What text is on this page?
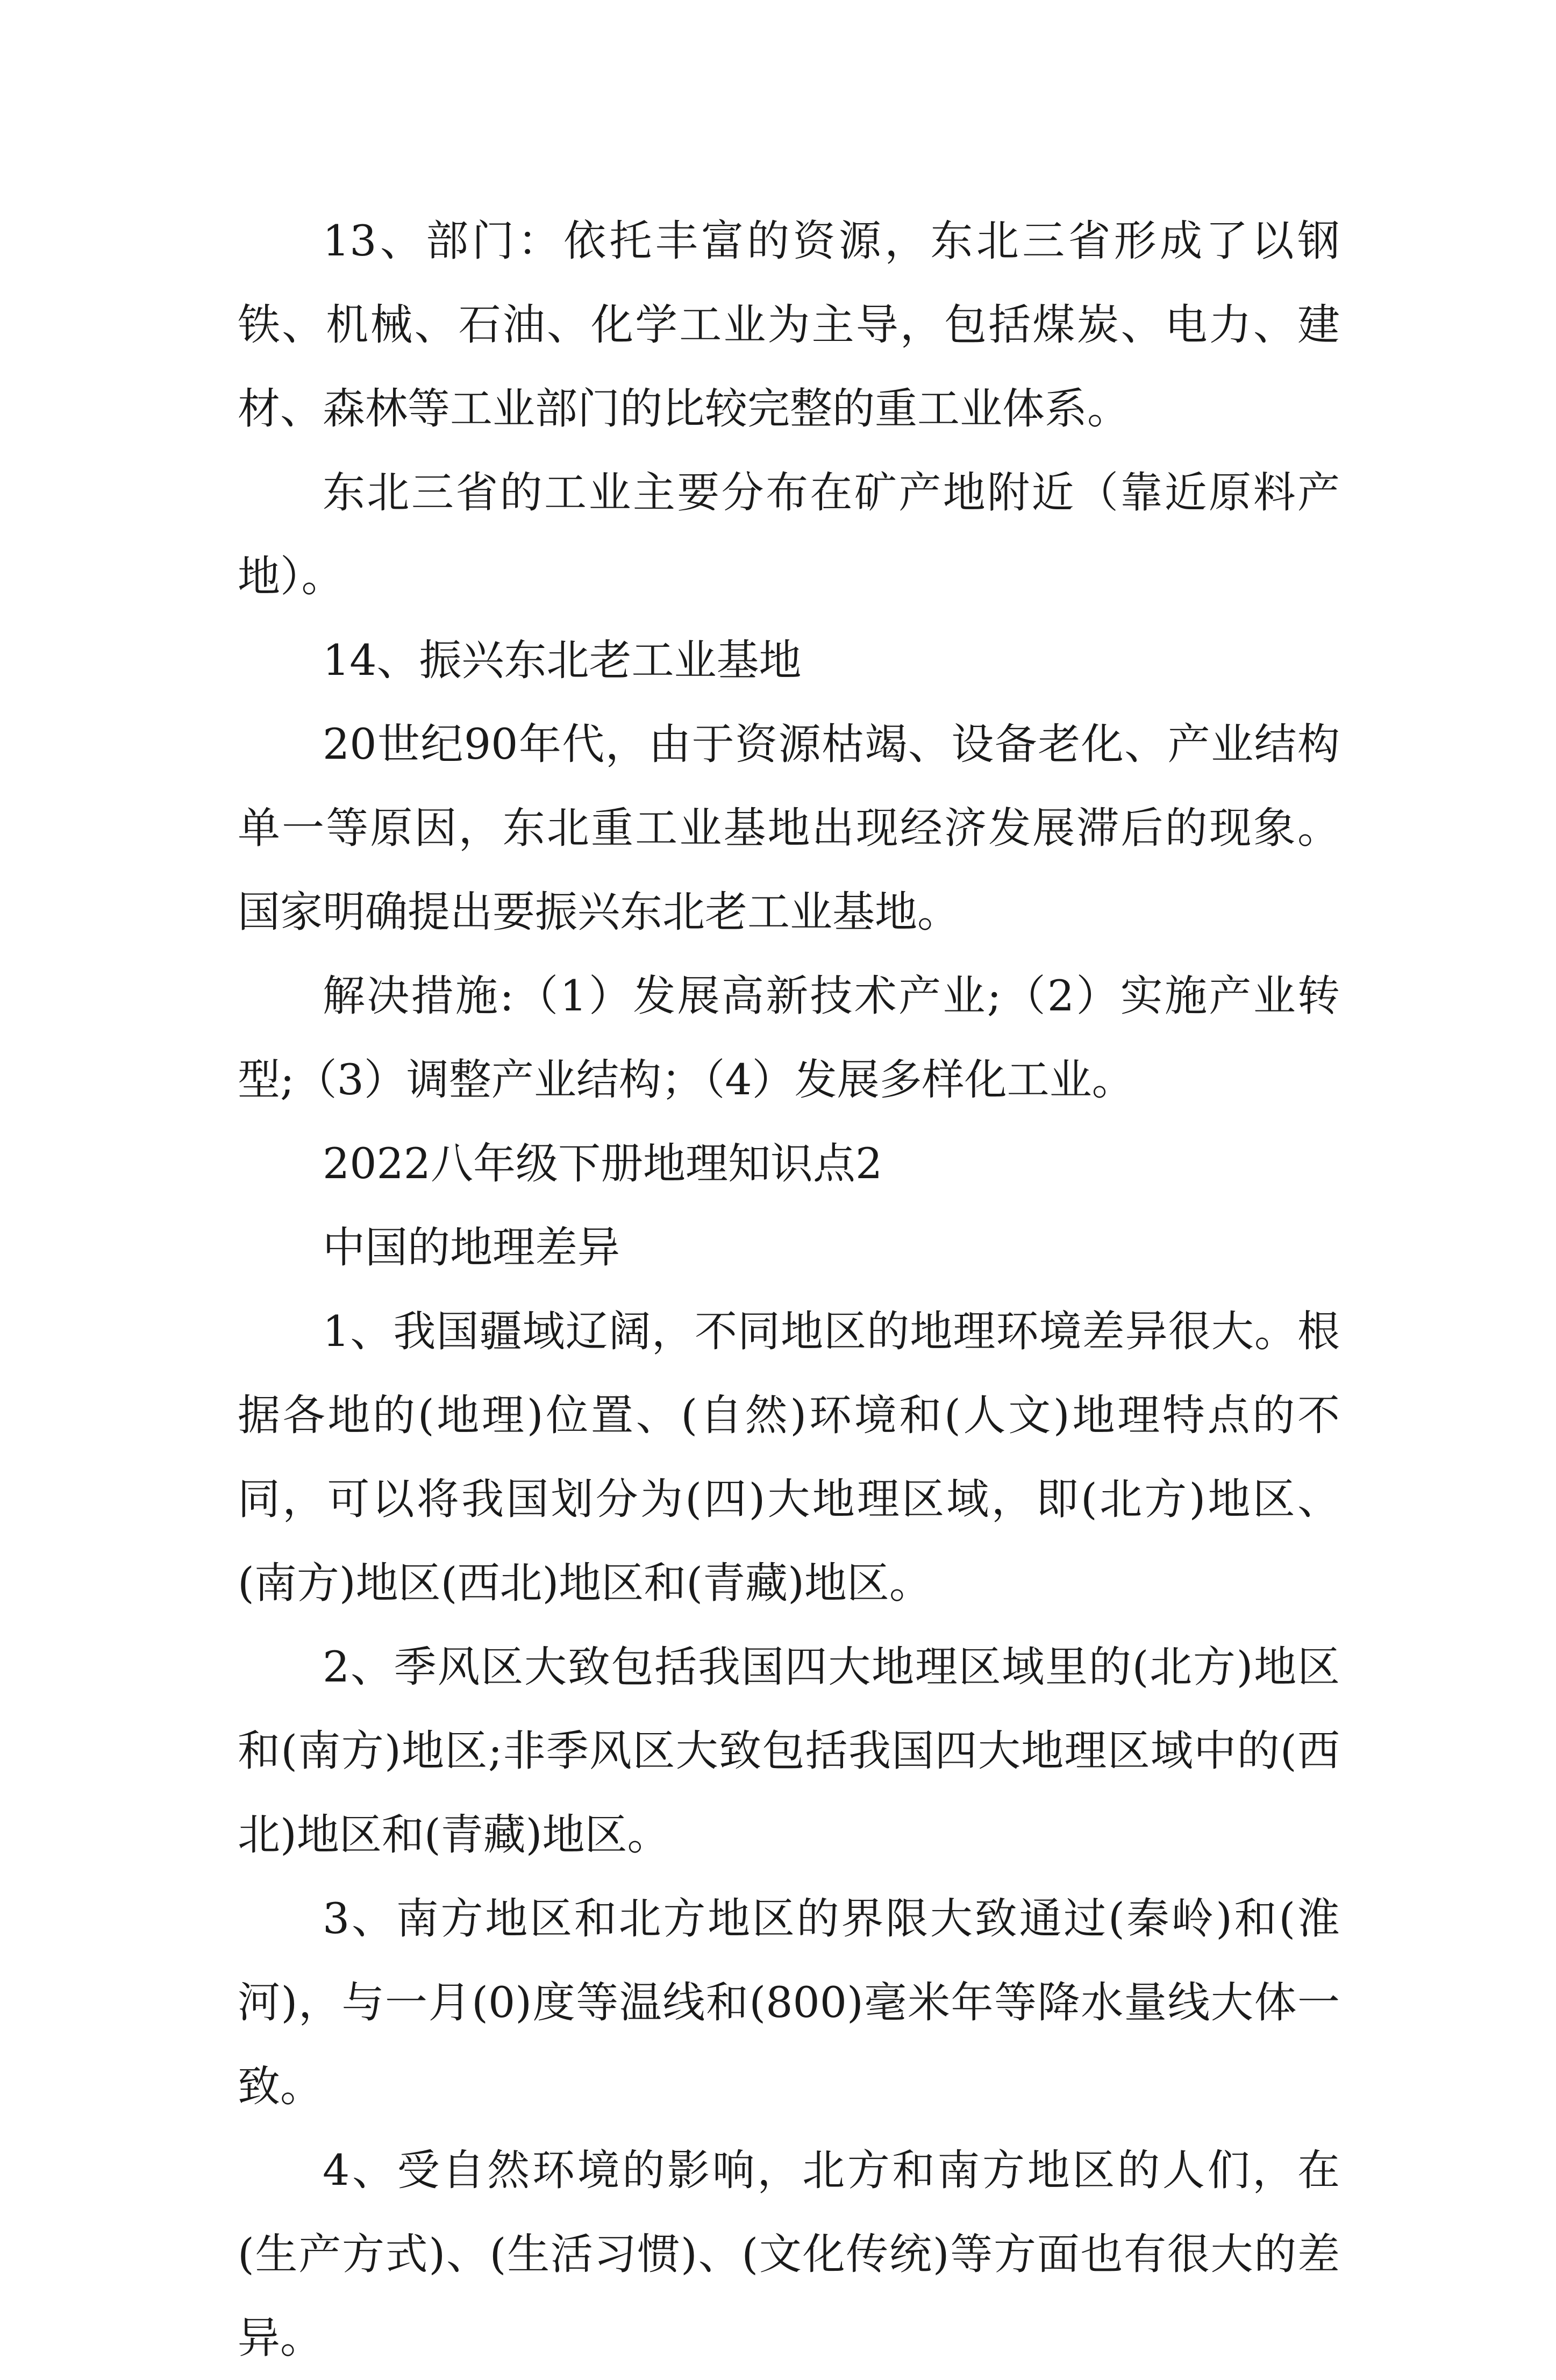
13、部门：依托丰富的资源，东北三省形成了以钢铁、机械、石油、化学工业为主导，包括煤炭、电力、建材、森林等工业部门的比较完整的重工业体系。

东北三省的工业主要分布在矿产地附近（靠近原料产地）。

14、振兴东北老工业基地

20世纪90年代，由于资源枯竭、设备老化、产业结构单一等原因，东北重工业基地出现经济发展滞后的现象。国家明确提出要振兴东北老工业基地。

解决措施:（1）发展高新技术产业;（2）实施产业转型;（3）调整产业结构；（4）发展多样化工业。

2022八年级下册地理知识点2

中国的地理差异

1、我国疆域辽阔，不同地区的地理环境差异很大。根据各地的(地理)位置、(自然)环境和(人文)地理特点的不同，可以将我国划分为(四)大地理区域，即(北方)地区、(南方)地区(西北)地区和(青藏)地区。

2、季风区大致包括我国四大地理区域里的(北方)地区和(南方)地区;非季风区大致包括我国四大地理区域中的(西北)地区和(青藏)地区。

3、南方地区和北方地区的界限大致通过(秦岭)和(淮河)，与一月(0)度等温线和(800)毫米年等降水量线大体一致。

4、受自然环境的影响，北方和南方地区的人们，在(生产方式)、(生活习惯)、(文化传统)等方面也有很大的差异。
